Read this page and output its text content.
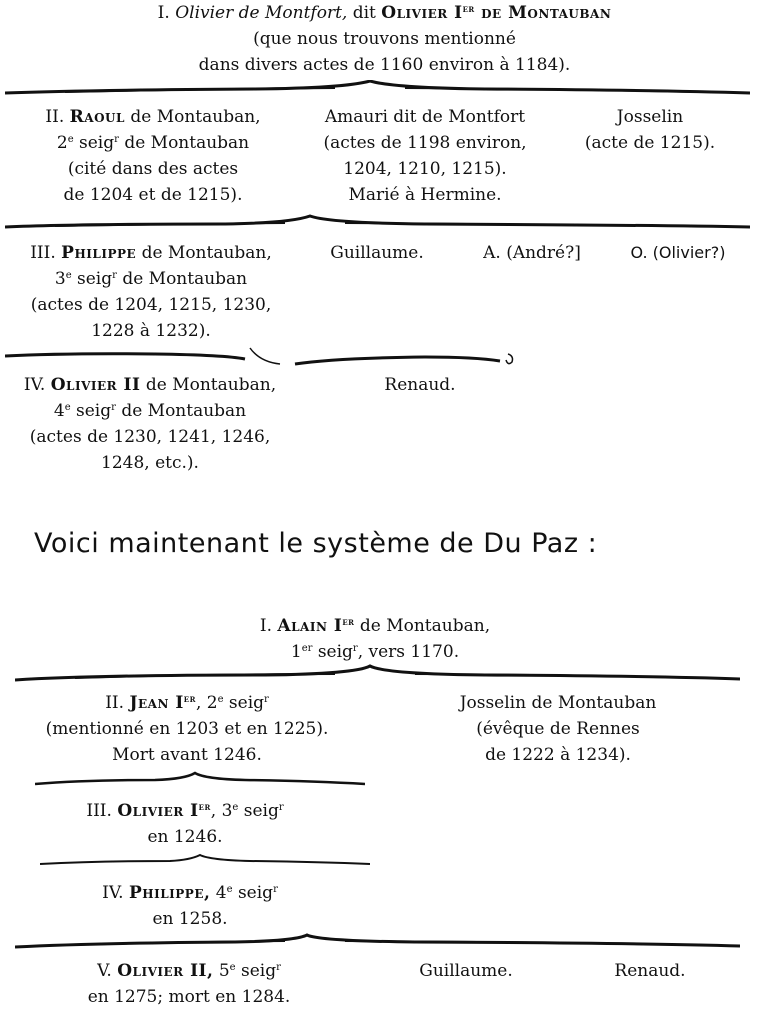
I. Olivier de Montfort, dit Olivier Ier de Montauban
(que nous trouvons mentionné
dans divers actes de 1160 environ à 1184).
II. Raoul de Montauban,
2e seig$^r$ de Montauban
(cité dans des actes
de 1204 et de 1215).
Amauri dit de Montfort
(actes de 1198 environ,
1204, 1210, 1215).
Marié à Hermine.
Josselin
(acte de 1215).
III. Philippe de Montauban,
3e seig$^r$ de Montauban
(actes de 1204, 1215, 1230,
1228 à 1232).
Guillaume.	A. (André?]	O. (Olivier?)
IV. Olivier II de Montauban,
4e seig$^r$ de Montauban
(actes de 1230, 1241, 1246,
1248, etc.).
Renaud.
Voici maintenant le système de Du Paz :
I. Alain Ier de Montauban,
1er seig$^r$, vers 1170.
II. Jean Ier, 2e seig$^r$
(mentionné en 1203 et en 1225).
Mort avant 1246.
Josselin de Montauban
(évêque de Rennes
de 1222 à 1234).
III. Olivier Ier, 3e seig$^r$
en 1246.
IV. Philippe, 4e seig$^r$
en 1258.
V. Olivier II, 5e seig$^r$
en 1275; mort en 1284.
Guillaume.	Renaud.
